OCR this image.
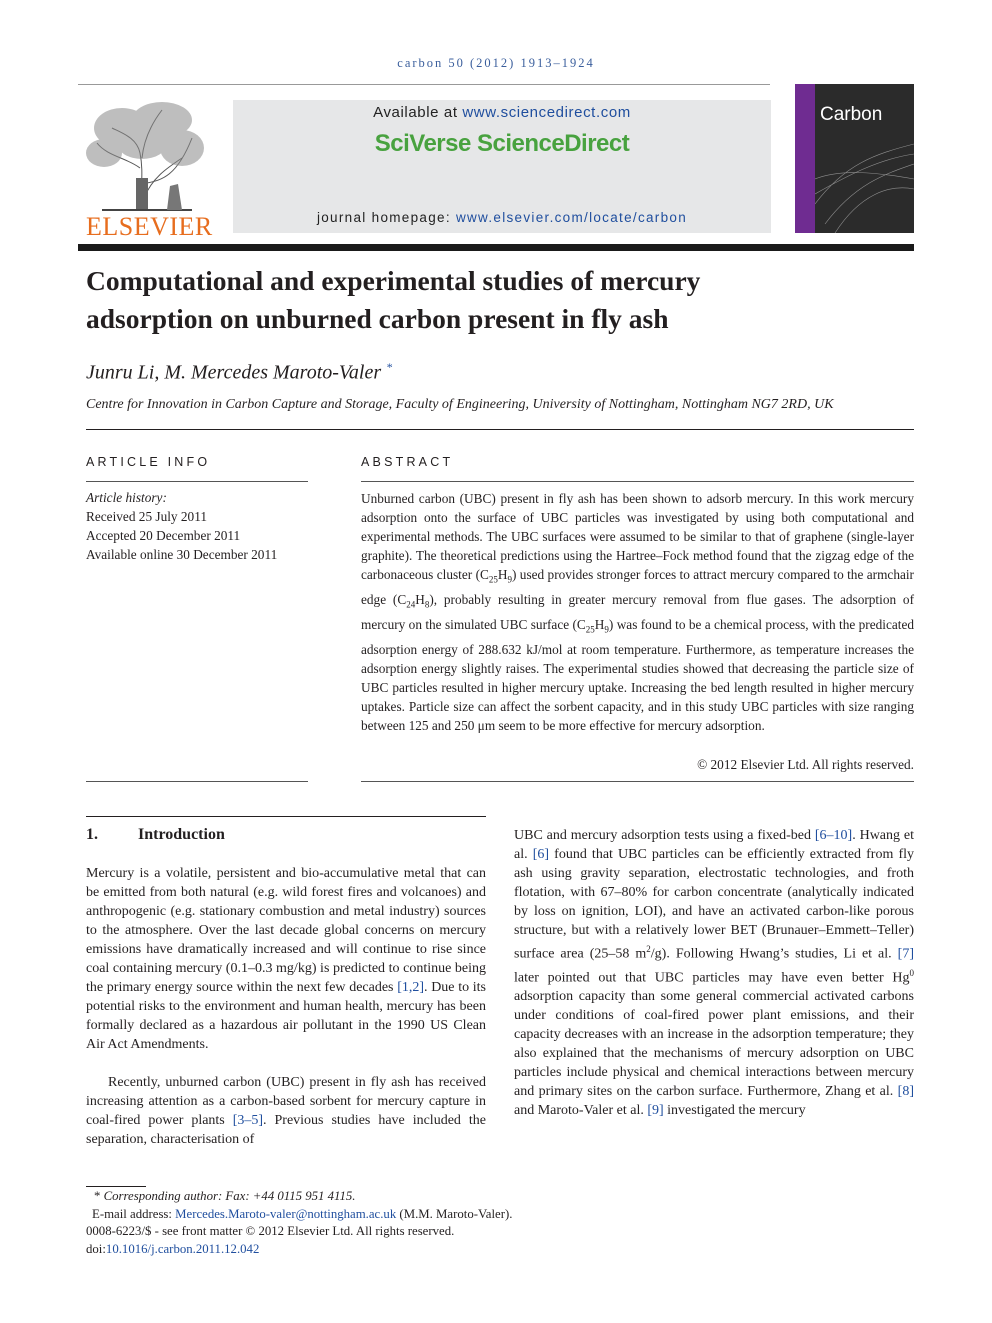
carbon 50 (2012) 1913–1924
ELSEVIER
Available at www.sciencedirect.com
SciVerse ScienceDirect
journal homepage: www.elsevier.com/locate/carbon
Carbon
Computational and experimental studies of mercury
adsorption on unburned carbon present in fly ash
Junru Li, M. Mercedes Maroto-Valer *
Centre for Innovation in Carbon Capture and Storage, Faculty of Engineering, University of Nottingham, Nottingham NG7 2RD, UK
ARTICLE INFO
Article history:
Received 25 July 2011
Accepted 20 December 2011
Available online 30 December 2011
ABSTRACT
Unburned carbon (UBC) present in fly ash has been shown to adsorb mercury. In this work mercury adsorption onto the surface of UBC particles was investigated by using both computational and experimental methods. The UBC surfaces were assumed to be similar to that of graphene (single-layer graphite). The theoretical predictions using the Hartree–Fock method found that the zigzag edge of the carbonaceous cluster $(C_{25}H_9)$ used provides stronger forces to attract mercury compared to the armchair edge $(C_{24}H_8)$, probably resulting in greater mercury removal from flue gases. The adsorption of mercury on the simulated UBC surface $(C_{25}H_9)$ was found to be a chemical process, with the predicated adsorption energy of 288.632 kJ/mol at room temperature. Furthermore, as temperature increases the adsorption energy slightly raises. The experimental studies showed that decreasing the particle size of UBC particles resulted in higher mercury uptake. Increasing the bed length resulted in higher mercury uptakes. Particle size can affect the sorbent capacity, and in this study UBC particles with size ranging between 125 and 250 μm seem to be more effective for mercury adsorption.
© 2012 Elsevier Ltd. All rights reserved.
1.	Introduction
Mercury is a volatile, persistent and bio-accumulative metal that can be emitted from both natural (e.g. wild forest fires and volcanoes) and anthropogenic (e.g. stationary combustion and metal industry) sources to the atmosphere. Over the last decade global concerns on mercury emissions have dramatically increased and will continue to rise since coal containing mercury (0.1–0.3 mg/kg) is predicted to continue being the primary energy source within the next few decades [1,2]. Due to its potential risks to the environment and human health, mercury has been formally declared as a hazardous air pollutant in the 1990 US Clean Air Act Amendments.
Recently, unburned carbon (UBC) present in fly ash has received increasing attention as a carbon-based sorbent for mercury capture in coal-fired power plants [3–5]. Previous studies have included the separation, characterisation of
UBC and mercury adsorption tests using a fixed-bed [6–10]. Hwang et al. [6] found that UBC particles can be efficiently extracted from fly ash using gravity separation, electrostatic technologies, and froth flotation, with 67–80% for carbon concentrate (analytically indicated by loss on ignition, LOI), and have an activated carbon-like porous structure, but with a relatively lower BET (Brunauer–Emmett–Teller) surface area (25–58 $m^2/g$). Following Hwang’s studies, Li et al. [7] later pointed out that UBC particles may have even better Hg$^0$ adsorption capacity than some general commercial activated carbons under conditions of coal-fired power plant emissions, and their capacity decreases with an increase in the adsorption temperature; they also explained that the mechanisms of mercury adsorption on UBC particles include physical and chemical interactions between mercury and primary sites on the carbon surface. Furthermore, Zhang et al. [8] and Maroto-Valer et al. [9] investigated the mercury
* Corresponding author: Fax: +44 0115 951 4115.
E-mail address: Mercedes.Maroto-valer@nottingham.ac.uk (M.M. Maroto-Valer).
0008-6223/$ - see front matter © 2012 Elsevier Ltd. All rights reserved.
doi:10.1016/j.carbon.2011.12.042
